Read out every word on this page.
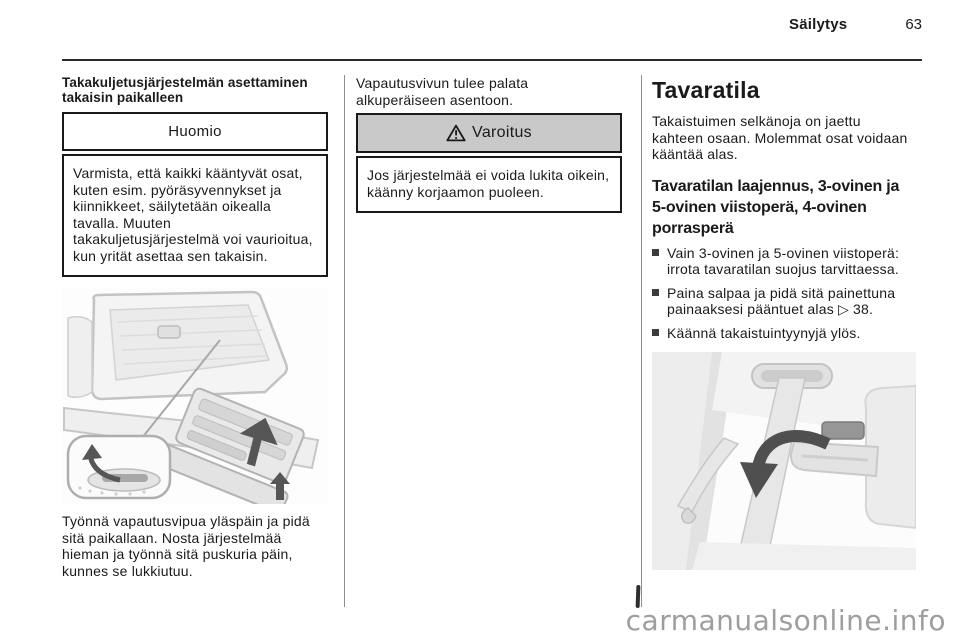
Säilytys	63
Takakuljetusjärjestelmän asettaminen takaisin paikalleen
Huomio
Varmista, että kaikki kääntyvät osat, kuten esim. pyöräsyvennykset ja kiinnikkeet, säilytetään oikealla tavalla. Muuten takakuljetusjärjestelmä voi vaurioitua, kun yrität asettaa sen takaisin.

Työnnä vapautusvipua yläspäin ja pidä sitä paikallaan. Nosta järjestelmää hieman ja työnnä sitä puskuria päin, kunnes se lukkiutuu.

Vapautusvivun tulee palata alkuperäiseen asentoon.

Varoitus
Jos järjestelmää ei voida lukita oikein, käänny korjaamon puoleen.
Tavaratila

Takaistuimen selkänoja on jaettu kahteen osaan. Molemmat osat voidaan kääntää alas.

Tavaratilan laajennus, 3-ovinen ja 5-ovinen viistoperä, 4-ovinen porrasperä
Vain 3-ovinen ja 5-ovinen viistoperä: irrota tavaratilan suojus tarvittaessa.
Paina salpaa ja pidä sitä painettuna painaaksesi pääntuet alas ▷ 38.
Käännä takaistuintyynyjä ylös.
carmanualsonline.info
